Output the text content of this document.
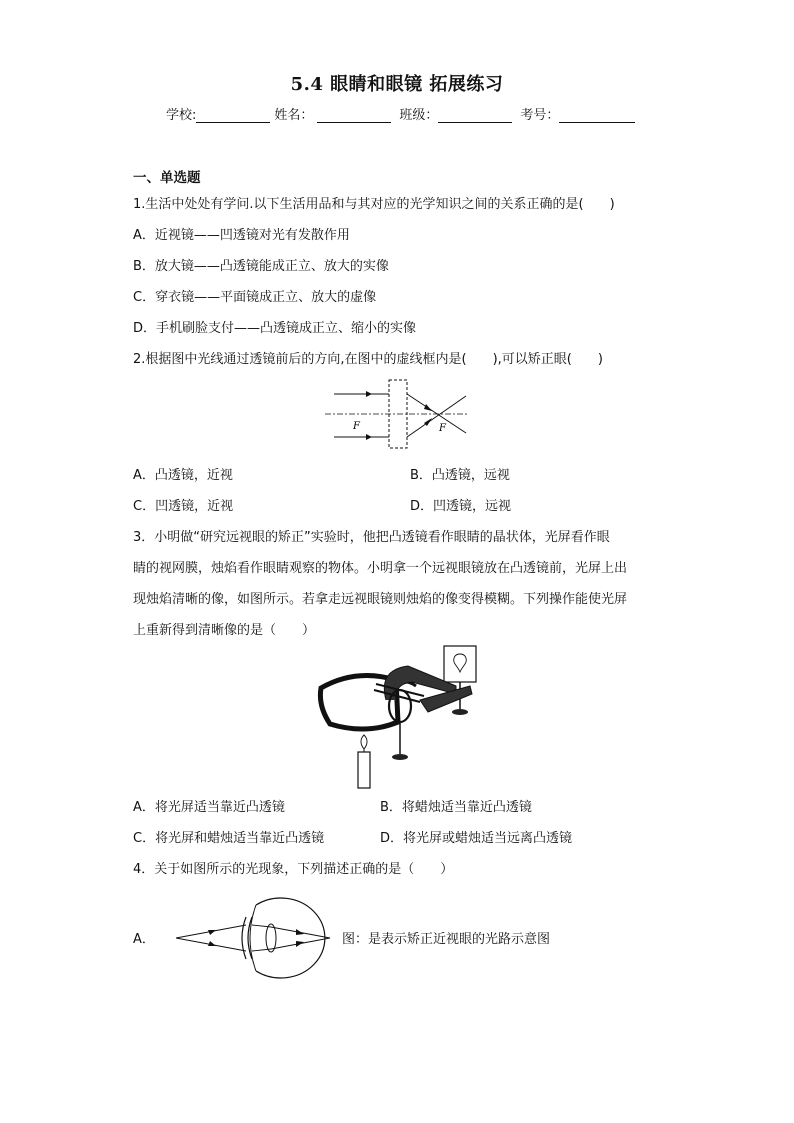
5.4 眼睛和眼镜 拓展练习
学校:	姓名：	班级：	考号：
一、单选题
1.生活中处处有学问.以下生活用品和与其对应的光学知识之间的关系正确的是(　　)
A．近视镜——凹透镜对光有发散作用
B．放大镜——凸透镜能成正立、放大的实像
C．穿衣镜——平面镜成正立、放大的虚像
D．手机刷脸支付——凸透镜成正立、缩小的实像
2.根据图中光线通过透镜前后的方向,在图中的虚线框内是(　　),可以矫正眼(　　)
F	F
A．凸透镜，近视	B．凸透镜，远视
C．凹透镜，近视	D．凹透镜，远视
3．小明做“研究远视眼的矫正”实验时，他把凸透镜看作眼睛的晶状体，光屏看作眼
睛的视网膜，烛焰看作眼睛观察的物体。小明拿一个远视眼镜放在凸透镜前，光屏上出
现烛焰清晰的像，如图所示。若拿走远视眼镜则烛焰的像变得模糊。下列操作能使光屏
上重新得到清晰像的是（　　）
A．将光屏适当靠近凸透镜	B．将蜡烛适当靠近凸透镜
C．将光屏和蜡烛适当靠近凸透镜	D．将光屏或蜡烛适当远离凸透镜
4．关于如图所示的光现象，下列描述正确的是（　　）
A．	图：是表示矫正近视眼的光路示意图
